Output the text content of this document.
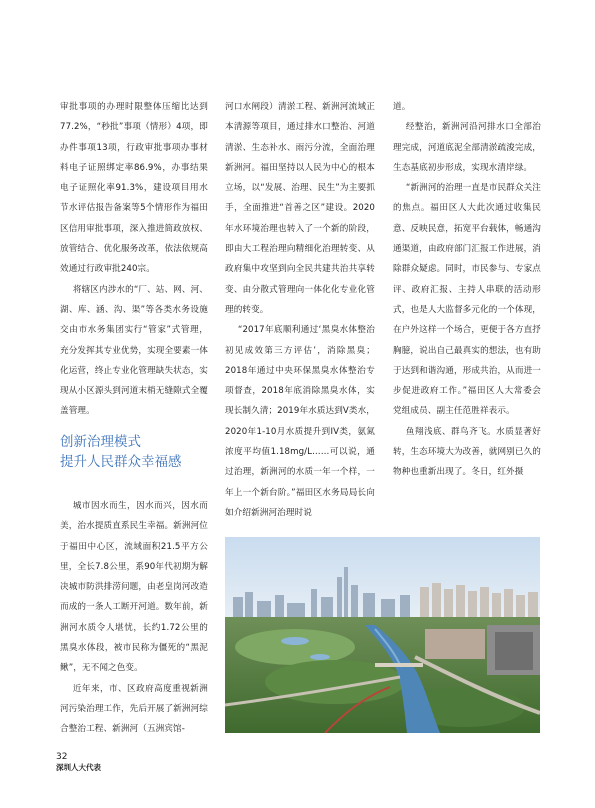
审批事项的办理时限整体压缩比达到77.2%，“秒批”事项（情形）4项，即办件事项13项，行政审批事项办事材料电子证照绑定率86.9%，办事结果电子证照化率91.3%，建设项目用水节水评估报告备案等5个情形作为福田区信用审批事项，深入推进简政放权、放管结合、优化服务改革，依法依规高效通过行政审批240宗。

将辖区内涉水的“厂、站、网、河、湖、库、涵、沟、渠”等各类水务设施交由市水务集团实行“管家”式管理，充分发挥其专业优势，实现全要素一体化运营，终止专业化管理缺失状态，实现从小区源头到河道末梢无缝隙式全覆盖管理。

创新治理模式
提升人民群众幸福感

城市因水而生，因水而兴，因水而美，治水提质直系民生幸福。新洲河位于福田中心区，流域面积21.5平方公里，全长7.8公里，系90年代初期为解决城市防洪排涝问题，由老皇岗河改造而成的一条人工断开河道。数年前，新洲河水质令人堪忧，长约1.72公里的黑臭水体段，被市民称为僵死的“黑泥鳅”，无不闻之色变。

近年来，市、区政府高度重视新洲河污染治理工作，先后开展了新洲河综合整治工程、新洲河（五洲宾馆-

河口水闸段）清淤工程、新洲河流域正本清源等项目，通过排水口整治、河道清淤、生态补水、雨污分流，全面治理新洲河。福田坚持以人民为中心的根本立场，以“发展、治理、民生”为主要抓手，全面推进“首善之区”建设。2020年水环境治理也转入了一个新的阶段，即由大工程治理向精细化治理转变、从政府集中攻坚到向全民共建共治共享转变、由分散式管理向一体化化专业化管理的转变。

“2017年底顺利通过‘黑臭水体整治初见成效第三方评估’，消除黑臭；2018年通过中央环保黑臭水体整治专项督查，2018年底消除黑臭水体，实现长制久清；2019年水质达到V类水，2020年1-10月水质提升到IV类，氨氮浓度平均值1.18mg/L……可以说，通过治理，新洲河的水质一年一个样，一年上一个新台阶。”福田区水务局局长向如介绍新洲河治理时说

道。

经整治，新洲河沿河排水口全部治理完成，河道底泥全部清淤疏浚完成，生态基底初步形成，实现水清岸绿。

“新洲河的治理一直是市民群众关注的焦点。福田区人大此次通过收集民意、反映民意，拓宽平台载体，畅通沟通渠道，由政府部门汇报工作进展，消除群众疑虑。同时，市民参与、专家点评、政府汇报、主持人串联的活动形式，也是人大监督多元化的一个体现，在户外这样一个场合，更便于各方直抒胸臆，说出自己最真实的想法，也有助于达到和谐沟通，形成共治，从而进一步促进政府工作。”福田区人大常委会党组成员、副主任范胜祥表示。

鱼翔浅底、群鸟齐飞。水质显著好转，生态环境大为改善，就网别已久的物种也重新出现了。冬日，红外摄

32
深圳人大代表
